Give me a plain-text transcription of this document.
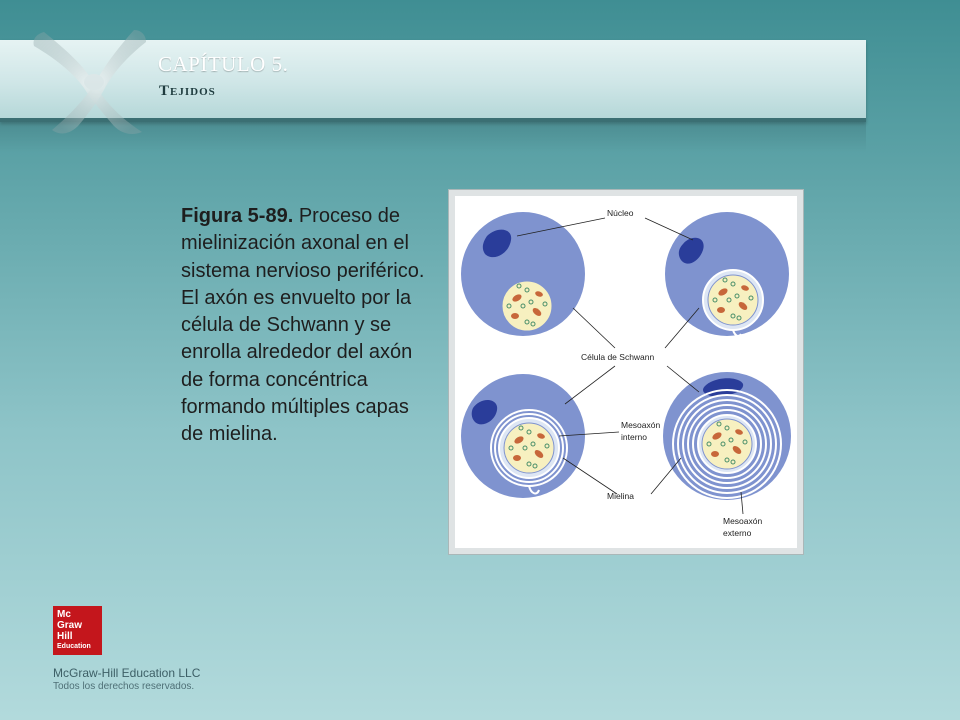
CAPÍTULO 5.
Tejidos
Figura 5-89. Proceso de mielinización axonal en el sistema nervioso periférico. El axón es envuelto por la célula de Schwann y se enrolla alrededor del axón de forma concéntrica formando múltiples capas de mielina.
Núcleo
Célula de Schwann
Mesoaxón
interno
Mielina
Mesoaxón
externo
Mc
Graw
Hill
Education
McGraw-Hill Education LLC
Todos los derechos reservados.
